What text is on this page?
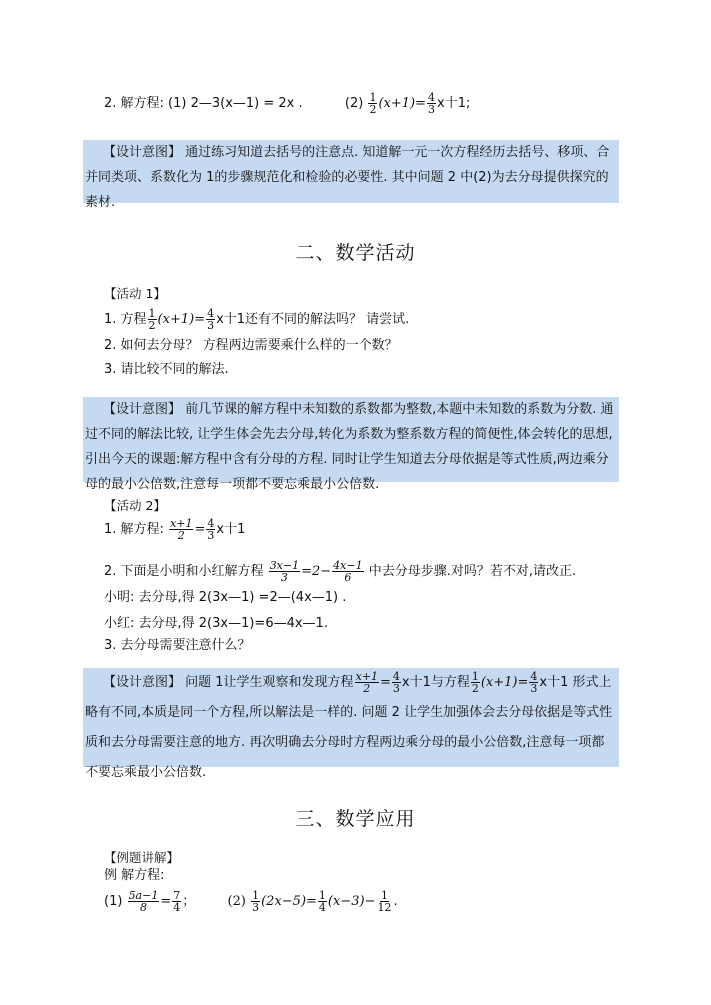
2. 解方程: (1) 2—3(x—1) = 2x .	$(2) \frac{1}{2} (x+1)= \frac{4}{3}$ x十1;
【设计意图】 通过练习知道去括号的注意点. 知道解一元一次方程经历去括号、移项、合并同类项、系数化为 1的步骤规范化和检验的必要性. 其中问题 2 中(2)为去分母提供探究的素材.
二、数学活动
【活动 1】
1. 方程 $\frac{1}{2} (x+1)= \frac{4}{3}$ x十1还有不同的解法吗？ 请尝试.
2. 如何去分母？ 方程两边需要乘什么样的一个数？
3. 请比较不同的解法.
【设计意图】 前几节课的解方程中未知数的系数都为整数,本题中未知数的系数为分数. 通过不同的解法比较, 让学生体会先去分母,转化为系数为整系数方程的简便性,体会转化的思想,引出今天的课题:解方程中含有分母的方程. 同时让学生知道去分母依据是等式性质,两边乘分母的最小公倍数,注意每一项都不要忘乘最小公倍数.
【活动 2】
1. 解方程: $\frac{x+1}{2} = \frac{4}{3}$ x十1
2. 下面是小明和小红解方程 $\frac{3x-1}{3} =2- \frac{4x-1}{6}$ 中去分母步骤.对吗？若不对,请改正.
小明: 去分母,得 2(3x—1) =2—(4x—1) .
小红: 去分母,得 2(3x—1)=6—4x—1.
3. 去分母需要注意什么？
【设计意图】 问题 1让学生观察和发现方程 $\frac{x+1}{2} = \frac{4}{3}$ x十1与方程 $\frac{1}{2} (x+1)= \frac{4}{3}$ x十1 形式上略有不同,本质是同一个方程,所以解法是一样的. 问题 2 让学生加强体会去分母依据是等式性质和去分母需要注意的地方. 再次明确去分母时方程两边乘分母的最小公倍数,注意每一项都不要忘乘最小公倍数.
三、数学应用
【例题讲解】
例 解方程:
$(1) \frac{5a-1}{8} = \frac{7}{4}$ ； $(2) \frac{1}{3} (2x-5)= \frac{1}{4} (x-3)- \frac{1}{12}$ .
